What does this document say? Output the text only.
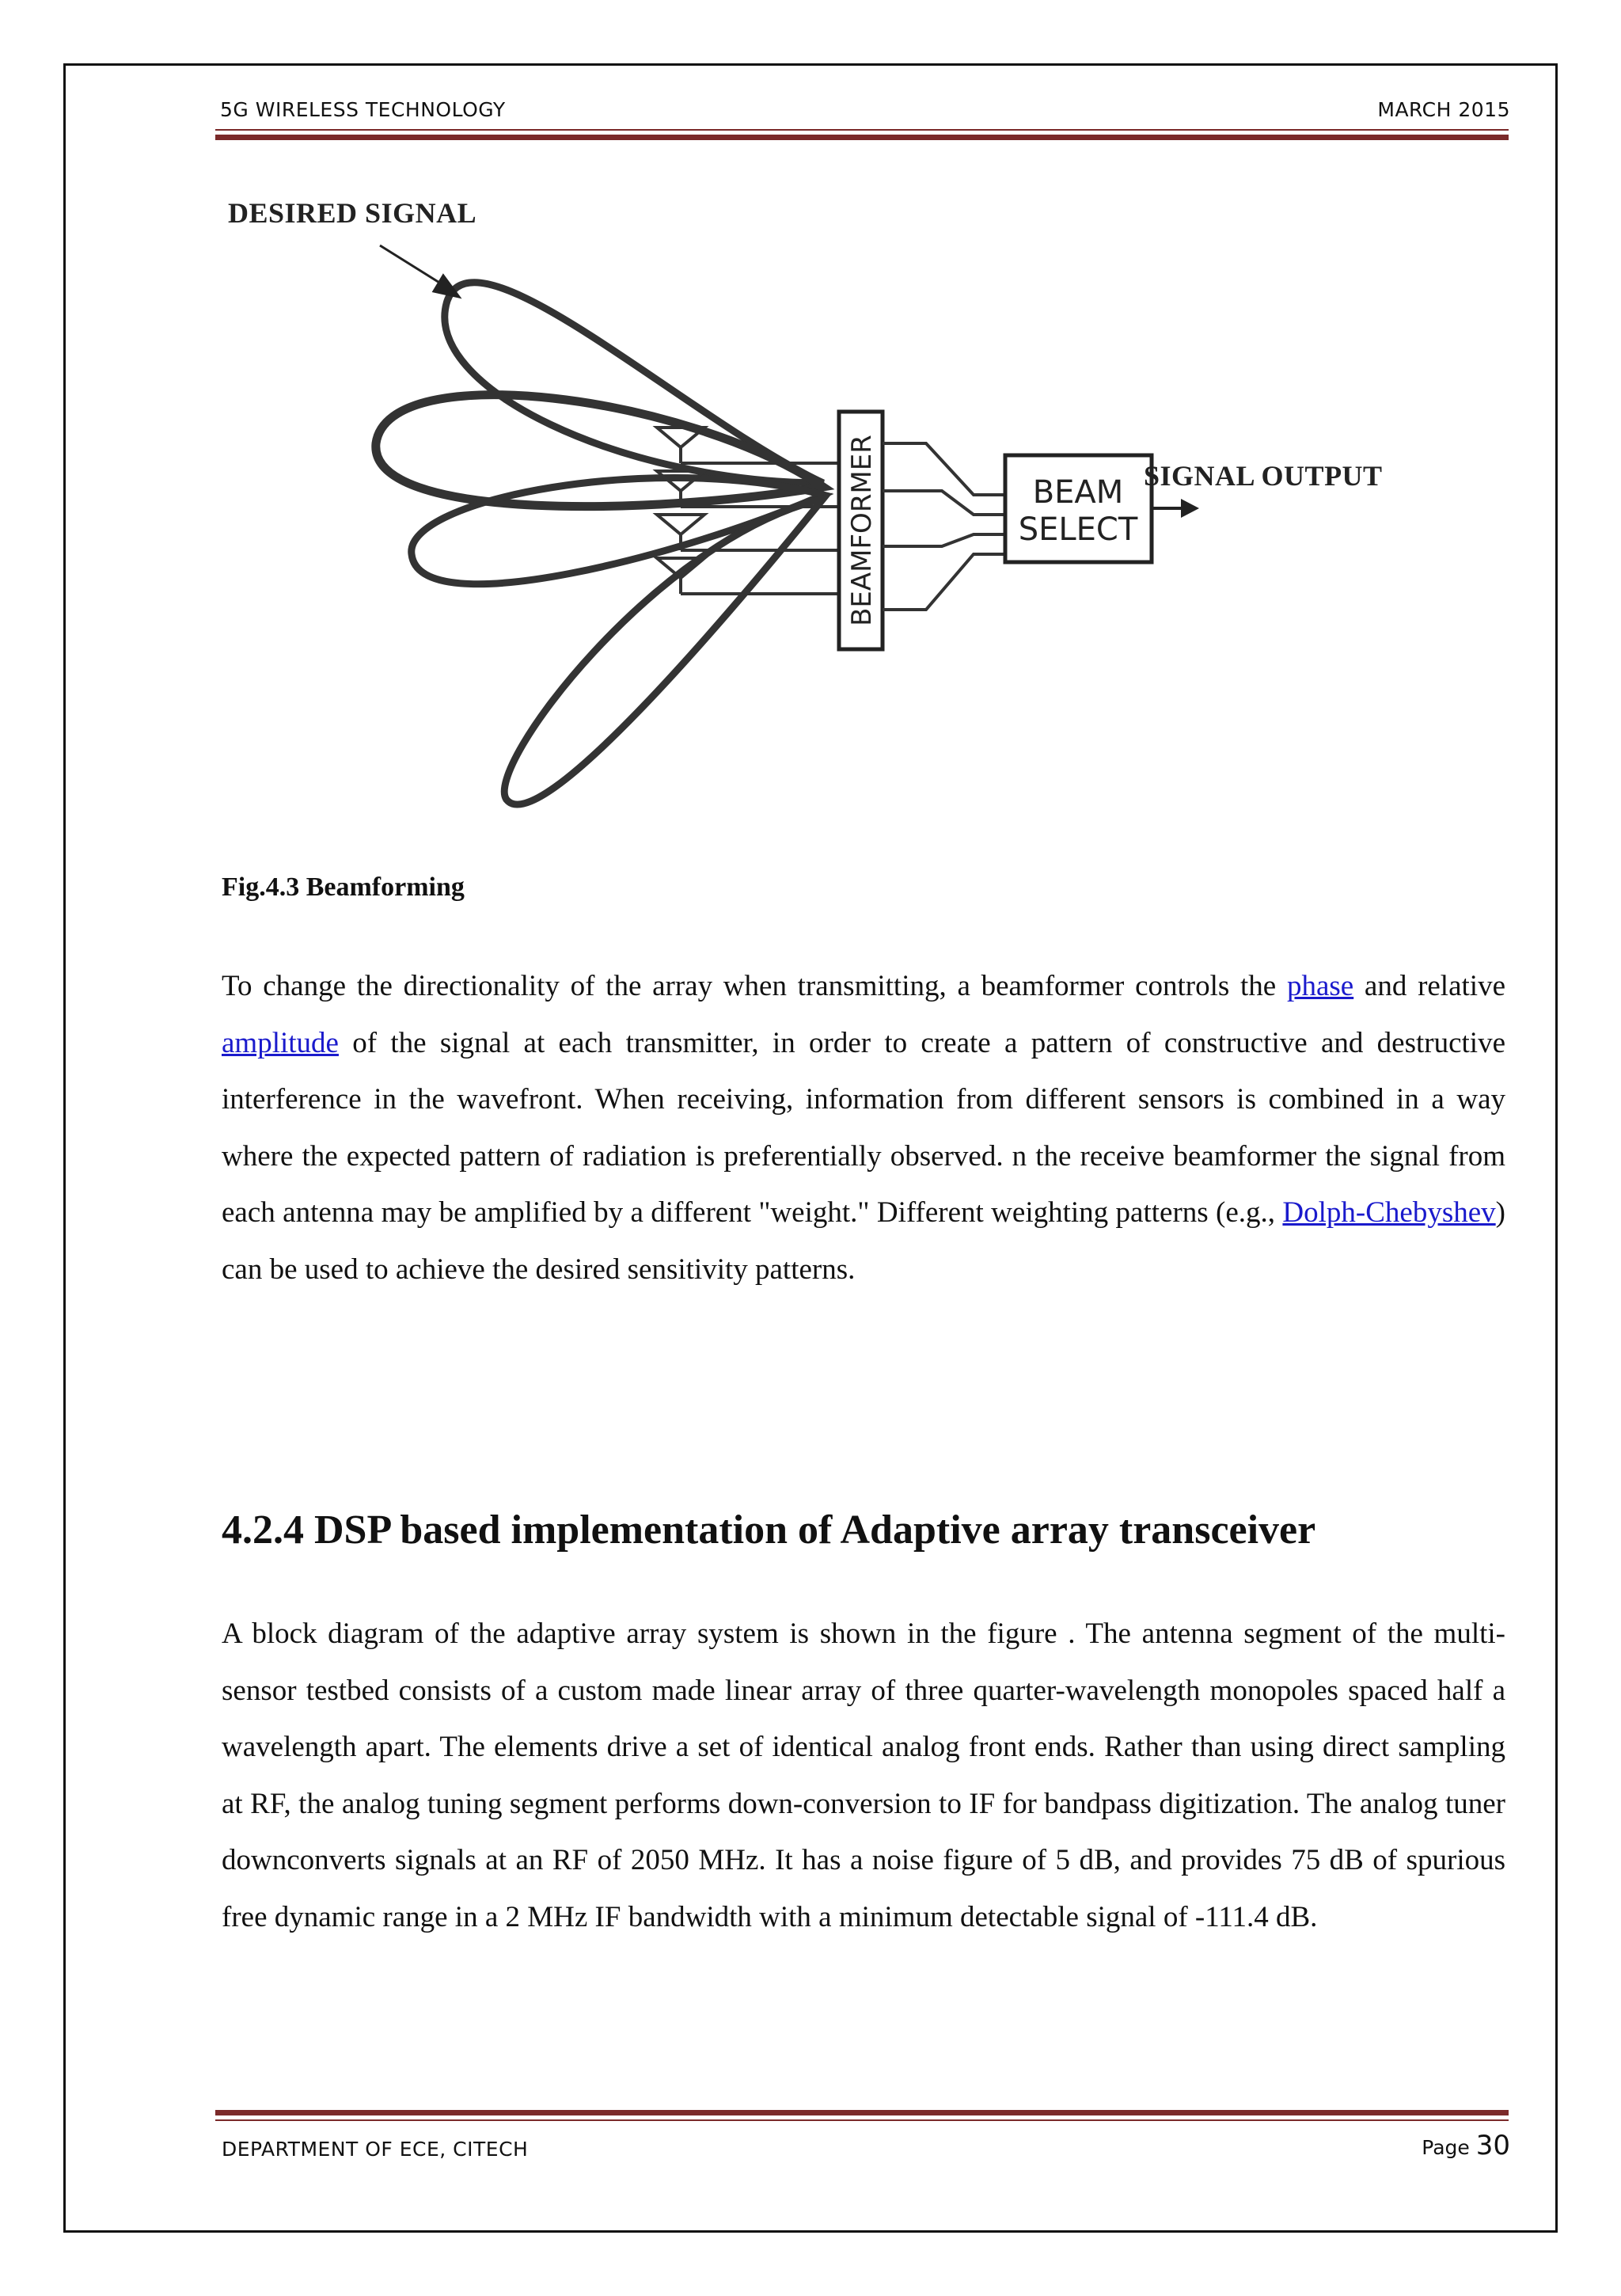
5G WIRELESS TECHNOLOGY	MARCH 2015
BEAMFORMER	BEAM
SELECT
DESIRED SIGNAL
SIGNAL OUTPUT
Fig.4.3 Beamforming
To change the directionality of the array when transmitting, a beamformer controls the phase and relative amplitude of the signal at each transmitter, in order to create a pattern of constructive and destructive interference in the wavefront. When receiving, information from different sensors is combined in a way where the expected pattern of radiation is preferentially observed. n the receive beamformer the signal from each antenna may be amplified by a different "weight." Different weighting patterns (e.g., Dolph-Chebyshev) can be used to achieve the desired sensitivity patterns.
4.2.4 DSP based implementation of Adaptive array transceiver
A block diagram of the adaptive array system is shown in the figure . The antenna segment of the multi-sensor testbed consists of a custom made linear array of three quarter-wavelength monopoles spaced half a wavelength apart. The elements drive a set of identical analog front ends. Rather than using direct sampling at RF, the analog tuning segment performs down-conversion to IF for bandpass digitization. The analog tuner downconverts signals at an RF of 2050 MHz. It has a noise figure of 5 dB, and provides 75 dB of spurious free dynamic range in a 2 MHz IF bandwidth with a minimum detectable signal of -111.4 dB.
DEPARTMENT OF ECE, CITECH	Page 30
